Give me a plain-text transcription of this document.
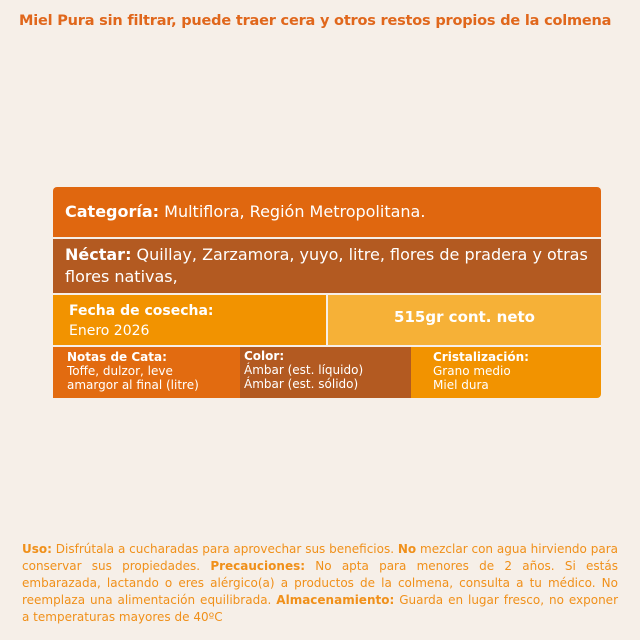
Miel Pura sin filtrar, puede traer cera y otros restos propios de la colmena
Categoría: Multiflora, Región Metropolitana.
Néctar: Quillay, Zarzamora, yuyo, litre, flores de pradera y otras flores nativas,
Fecha de cosecha:
Enero 2026
515gr cont. neto
Notas de Cata:
Toffe, dulzor, leve
amargor al final (litre)
Color:
Ámbar (est. líquido)
Ámbar (est. sólido)
Cristalización:
Grano medio
Miel dura
Uso: Disfrútala a cucharadas para aprovechar sus beneficios. No mezclar con agua hirviendo para conservar sus propiedades. Precauciones: No apta para menores de 2 años. Si estás embarazada, lactando o eres alérgico(a) a productos de la colmena, consulta a tu médico. No reemplaza una alimentación equilibrada. Almacenamiento: Guarda en lugar fresco, no exponer a temperaturas mayores de 40ºC
